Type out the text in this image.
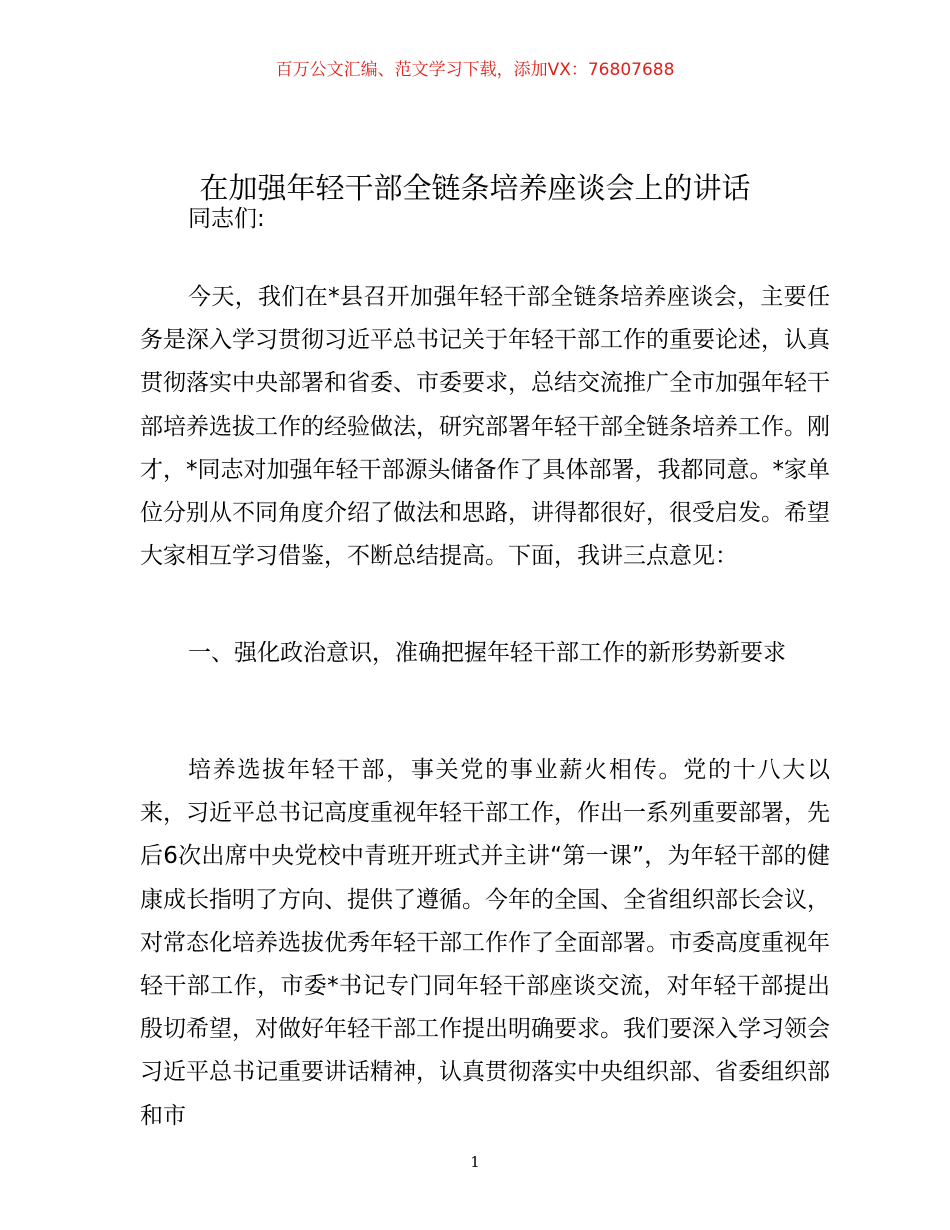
百万公文汇编、范文学习下载，添加VX：76807688
在加强年轻干部全链条培养座谈会上的讲话

同志们:

今天，我们在*县召开加强年轻干部全链条培养座谈会，主要任务是深入学习贯彻习近平总书记关于年轻干部工作的重要论述，认真贯彻落实中央部署和省委、市委要求，总结交流推广全市加强年轻干部培养选拔工作的经验做法，研究部署年轻干部全链条培养工作。刚才，*同志对加强年轻干部源头储备作了具体部署，我都同意。*家单位分别从不同角度介绍了做法和思路，讲得都很好，很受启发。希望大家相互学习借鉴，不断总结提高。下面，我讲三点意见：

一、强化政治意识，准确把握年轻干部工作的新形势新要求

培养选拔年轻干部，事关党的事业薪火相传。党的十八大以来，习近平总书记高度重视年轻干部工作，作出一系列重要部署，先后6次出席中央党校中青班开班式并主讲“第一课”，为年轻干部的健康成长指明了方向、提供了遵循。今年的全国、全省组织部长会议，对常态化培养选拔优秀年轻干部工作作了全面部署。市委高度重视年轻干部工作，市委*书记专门同年轻干部座谈交流，对年轻干部提出殷切希望，对做好年轻干部工作提出明确要求。我们要深入学习领会习近平总书记重要讲话精神，认真贯彻落实中央组织部、省委组织部和市

1
